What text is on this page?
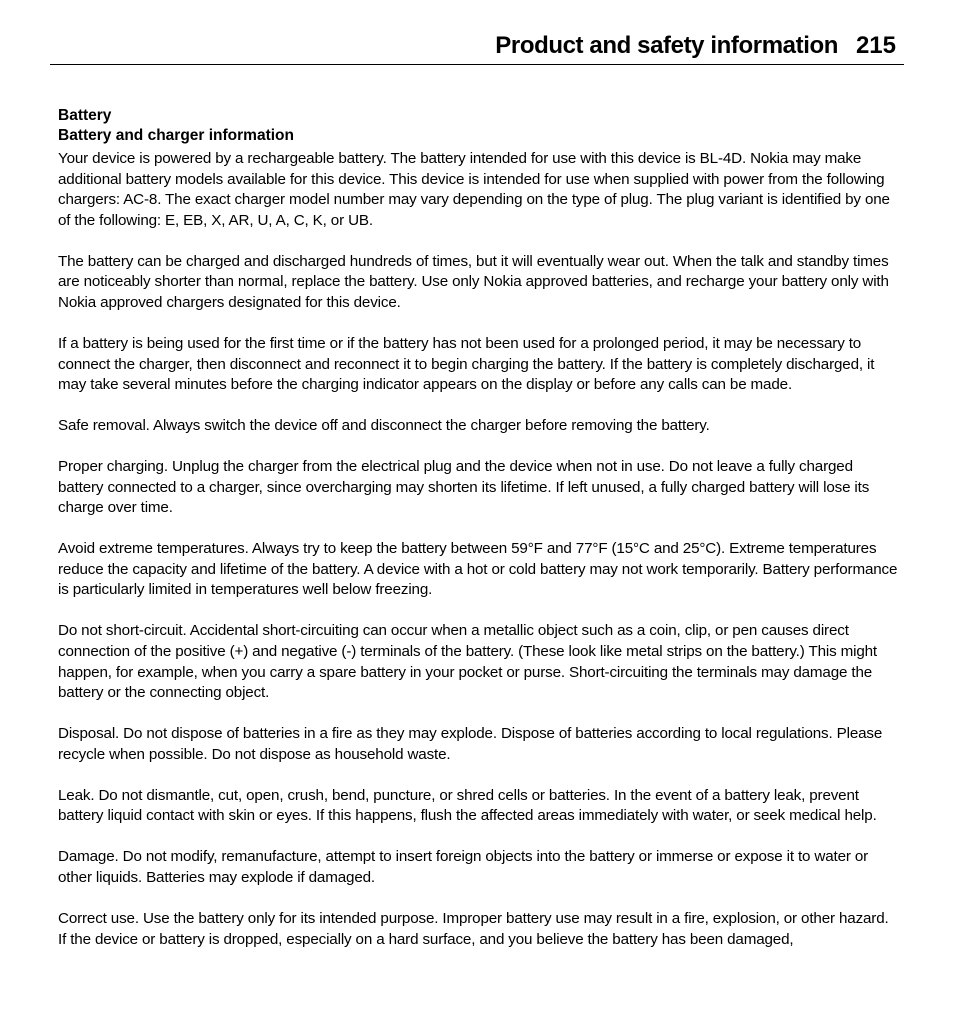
Product and safety information 215
Battery
Battery and charger information

Your device is powered by a rechargeable battery. The battery intended for use with this device is BL-4D. Nokia may make additional battery models available for this device. This device is intended for use when supplied with power from the following chargers: AC-8. The exact charger model number may vary depending on the type of plug. The plug variant is identified by one of the following: E, EB, X, AR, U, A, C, K, or UB.

The battery can be charged and discharged hundreds of times, but it will eventually wear out. When the talk and standby times are noticeably shorter than normal, replace the battery. Use only Nokia approved batteries, and recharge your battery only with Nokia approved chargers designated for this device.

If a battery is being used for the first time or if the battery has not been used for a prolonged period, it may be necessary to connect the charger, then disconnect and reconnect it to begin charging the battery. If the battery is completely discharged, it may take several minutes before the charging indicator appears on the display or before any calls can be made.

Safe removal. Always switch the device off and disconnect the charger before removing the battery.

Proper charging. Unplug the charger from the electrical plug and the device when not in use. Do not leave a fully charged battery connected to a charger, since overcharging may shorten its lifetime. If left unused, a fully charged battery will lose its charge over time.

Avoid extreme temperatures. Always try to keep the battery between 59°F and 77°F (15°C and 25°C). Extreme temperatures reduce the capacity and lifetime of the battery. A device with a hot or cold battery may not work temporarily. Battery performance is particularly limited in temperatures well below freezing.

Do not short-circuit. Accidental short-circuiting can occur when a metallic object such as a coin, clip, or pen causes direct connection of the positive (+) and negative (-) terminals of the battery. (These look like metal strips on the battery.) This might happen, for example, when you carry a spare battery in your pocket or purse. Short-circuiting the terminals may damage the battery or the connecting object.

Disposal. Do not dispose of batteries in a fire as they may explode. Dispose of batteries according to local regulations. Please recycle when possible. Do not dispose as household waste.

Leak. Do not dismantle, cut, open, crush, bend, puncture, or shred cells or batteries. In the event of a battery leak, prevent battery liquid contact with skin or eyes. If this happens, flush the affected areas immediately with water, or seek medical help.

Damage. Do not modify, remanufacture, attempt to insert foreign objects into the battery or immerse or expose it to water or other liquids. Batteries may explode if damaged.

Correct use. Use the battery only for its intended purpose. Improper battery use may result in a fire, explosion, or other hazard. If the device or battery is dropped, especially on a hard surface, and you believe the battery has been damaged,
